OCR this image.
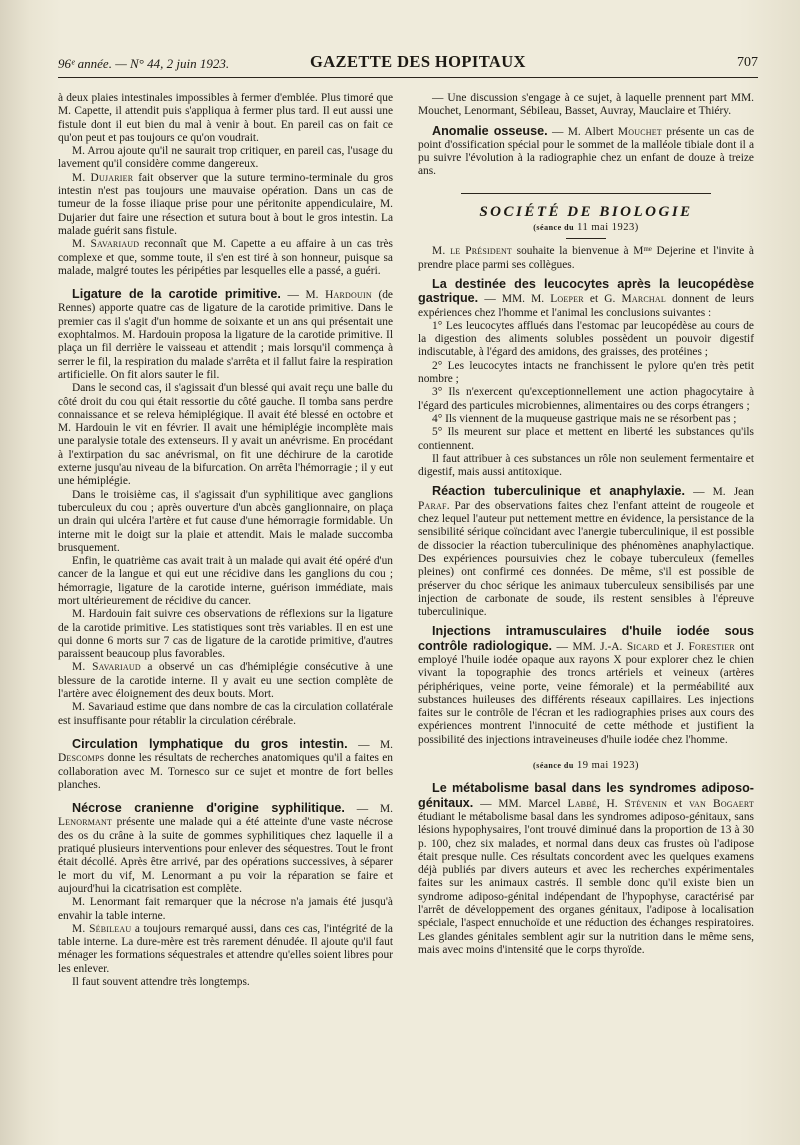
96ᵉ année. — N° 44, 2 juin 1923.	GAZETTE DES HOPITAUX	707

à deux plaies intestinales impossibles à fermer d'emblée. Plus timoré que M. Capette, il attendit puis s'appliqua à fermer plus tard. Il eut aussi une fistule dont il eut bien du mal à venir à bout. En pareil cas on fait ce qu'on peut et pas toujours ce qu'on voudrait.

M. Arrou ajoute qu'il ne saurait trop critiquer, en pareil cas, l'usage du lavement qu'il considère comme dangereux.

M. Dujarier fait observer que la suture termino-terminale du gros intestin n'est pas toujours une mauvaise opération. Dans un cas de tumeur de la fosse iliaque prise pour une péritonite appendiculaire, M. Dujarier dut faire une résection et sutura bout à bout le gros intestin. La malade guérit sans fistule.

M. Savariaud reconnaît que M. Capette a eu affaire à un cas très complexe et que, somme toute, il s'en est tiré à son honneur, puisque sa malade, malgré toutes les péripéties par lesquelles elle a passé, a guéri.

Ligature de la carotide primitive. — M. Hardouin (de Rennes) apporte quatre cas de ligature de la carotide primitive. Dans le premier cas il s'agit d'un homme de soixante et un ans qui présentait une exophtalmos. M. Hardouin proposa la ligature de la carotide primitive. Il plaça un fil derrière le vaisseau et attendit ; mais lorsqu'il commença à serrer le fil, la respiration du malade s'arrêta et il fallut faire la respiration artificielle. On fit alors sauter le fil.

Dans le second cas, il s'agissait d'un blessé qui avait reçu une balle du côté droit du cou qui était ressortie du côté gauche. Il tomba sans perdre connaissance et se releva hémiplégique. Il avait été blessé en octobre et M. Hardouin le vit en février. Il avait une hémiplégie incomplète mais une paralysie totale des extenseurs. Il y avait un anévrisme. En procédant à l'extirpation du sac anévrismal, on fit une déchirure de la carotide externe jusqu'au niveau de la bifurcation. On arrêta l'hémorragie ; il y eut une hémiplégie.

Dans le troisième cas, il s'agissait d'un syphilitique avec ganglions tuberculeux du cou ; après ouverture d'un abcès ganglionnaire, on plaça un drain qui ulcéra l'artère et fut cause d'une hémorragie formidable. Un interne mit le doigt sur la plaie et attendit. Mais le malade succomba brusquement.

Enfin, le quatrième cas avait trait à un malade qui avait été opéré d'un cancer de la langue et qui eut une récidive dans les ganglions du cou ; hémorragie, ligature de la carotide interne, guérison immédiate, mais mort ultérieurement de récidive du cancer.

M. Hardouin fait suivre ces observations de réflexions sur la ligature de la carotide primitive. Les statistiques sont très variables. Il en est une qui donne 6 morts sur 7 cas de ligature de la carotide primitive, d'autres paraissent beaucoup plus favorables.

M. Savariaud a observé un cas d'hémiplégie consécutive à une blessure de la carotide interne. Il y avait eu une section complète de l'artère avec éloignement des deux bouts. Mort.

M. Savariaud estime que dans nombre de cas la circulation collatérale est insuffisante pour rétablir la circulation cérébrale.

Circulation lymphatique du gros intestin. — M. Descomps donne les résultats de recherches anatomiques qu'il a faites en collaboration avec M. Tornesco sur ce sujet et montre de fort belles planches.

Nécrose cranienne d'origine syphilitique. — M. Lenormant présente une malade qui a été atteinte d'une vaste nécrose des os du crâne à la suite de gommes syphilitiques chez laquelle il a pratiqué plusieurs interventions pour enlever des séquestres. Tout le front était décollé. Après être arrivé, par des opérations successives, à séparer le mort du vif, M. Lenormant a pu voir la réparation se faire et aujourd'hui la cicatrisation est complète.

M. Lenormant fait remarquer que la nécrose n'a jamais été jusqu'à envahir la table interne.

M. Sébileau a toujours remarqué aussi, dans ces cas, l'intégrité de la table interne. La dure-mère est très rarement dénudée. Il ajoute qu'il faut ménager les formations séquestrales et attendre qu'elles soient libres pour les enlever.

Il faut souvent attendre très longtemps.

— Une discussion s'engage à ce sujet, à laquelle prennent part MM. Mouchet, Lenormant, Sébileau, Basset, Auvray, Mauclaire et Thiéry.

Anomalie osseuse. — M. Albert Mouchet présente un cas de point d'ossification spécial pour le sommet de la malléole tibiale dont il a pu suivre l'évolution à la radiographie chez un enfant de douze à treize ans.

SOCIÉTÉ DE BIOLOGIE
(séance du 11 mai 1923)

M. le Président souhaite la bienvenue à Mᵐᵉ Dejerine et l'invite à prendre place parmi ses collègues.

La destinée des leucocytes après la leucopédèse gastrique. — MM. M. Loeper et G. Marchal donnent de leurs expériences chez l'homme et l'animal les conclusions suivantes :

1° Les leucocytes afflués dans l'estomac par leucopédèse au cours de la digestion des aliments solubles possèdent un pouvoir digestif indiscutable, à l'égard des amidons, des graisses, des protéines ;

2° Les leucocytes intacts ne franchissent le pylore qu'en très petit nombre ;

3° Ils n'exercent qu'exceptionnellement une action phagocytaire à l'égard des particules microbiennes, alimentaires ou des corps étrangers ;

4° Ils viennent de la muqueuse gastrique mais ne se résorbent pas ;

5° Ils meurent sur place et mettent en liberté les substances qu'ils contiennent.

Il faut attribuer à ces substances un rôle non seulement fermentaire et digestif, mais aussi antitoxique.

Réaction tuberculinique et anaphylaxie. — M. Jean Paraf. Par des observations faites chez l'enfant atteint de rougeole et chez lequel l'auteur put nettement mettre en évidence, la persistance de la sensibilité sérique coïncidant avec l'anergie tuberculinique, il est possible de dissocier la réaction tuberculinique des phénomènes anaphylactique. Des expériences poursuivies chez le cobaye tuberculeux (femelles pleines) ont confirmé ces données. De même, s'il est possible de préserver du choc sérique les animaux tuberculeux sensibilisés par une injection de carbonate de soude, ils restent sensibles à l'épreuve tuberculinique.

Injections intramusculaires d'huile iodée sous contrôle radiologique. — MM. J.-A. Sicard et J. Forestier ont employé l'huile iodée opaque aux rayons X pour explorer chez le chien vivant la topographie des troncs artériels et veineux (artères périphériques, veine porte, veine fémorale) et la perméabilité aux substances huileuses des différents réseaux capillaires. Les injections faites sur le contrôle de l'écran et les radiographies prises aux cours des expériences montrent l'innocuité de cette méthode et justifient la possibilité des injections intraveineuses d'huile iodée chez l'homme.

(séance du 19 mai 1923)

Le métabolisme basal dans les syndromes adiposo-génitaux. — MM. Marcel Labbé, H. Stévenin et van Bogaert étudiant le métabolisme basal dans les syndromes adiposo-génitaux, sans lésions hypophysaires, l'ont trouvé diminué dans la proportion de 13 à 30 p. 100, chez six malades, et normal dans deux cas frustes où l'adipose était presque nulle. Ces résultats concordent avec les quelques examens déjà publiés par divers auteurs et avec les recherches expérimentales faites sur les animaux castrés. Il semble donc qu'il existe bien un syndrome adiposo-génital indépendant de l'hypophyse, caractérisé par l'arrêt de développement des organes génitaux, l'adipose à localisation spéciale, l'aspect ennuchoïde et une réduction des échanges respiratoires. Les glandes génitales semblent agir sur la nutrition dans le même sens, mais avec moins d'intensité que le corps thyroïde.
